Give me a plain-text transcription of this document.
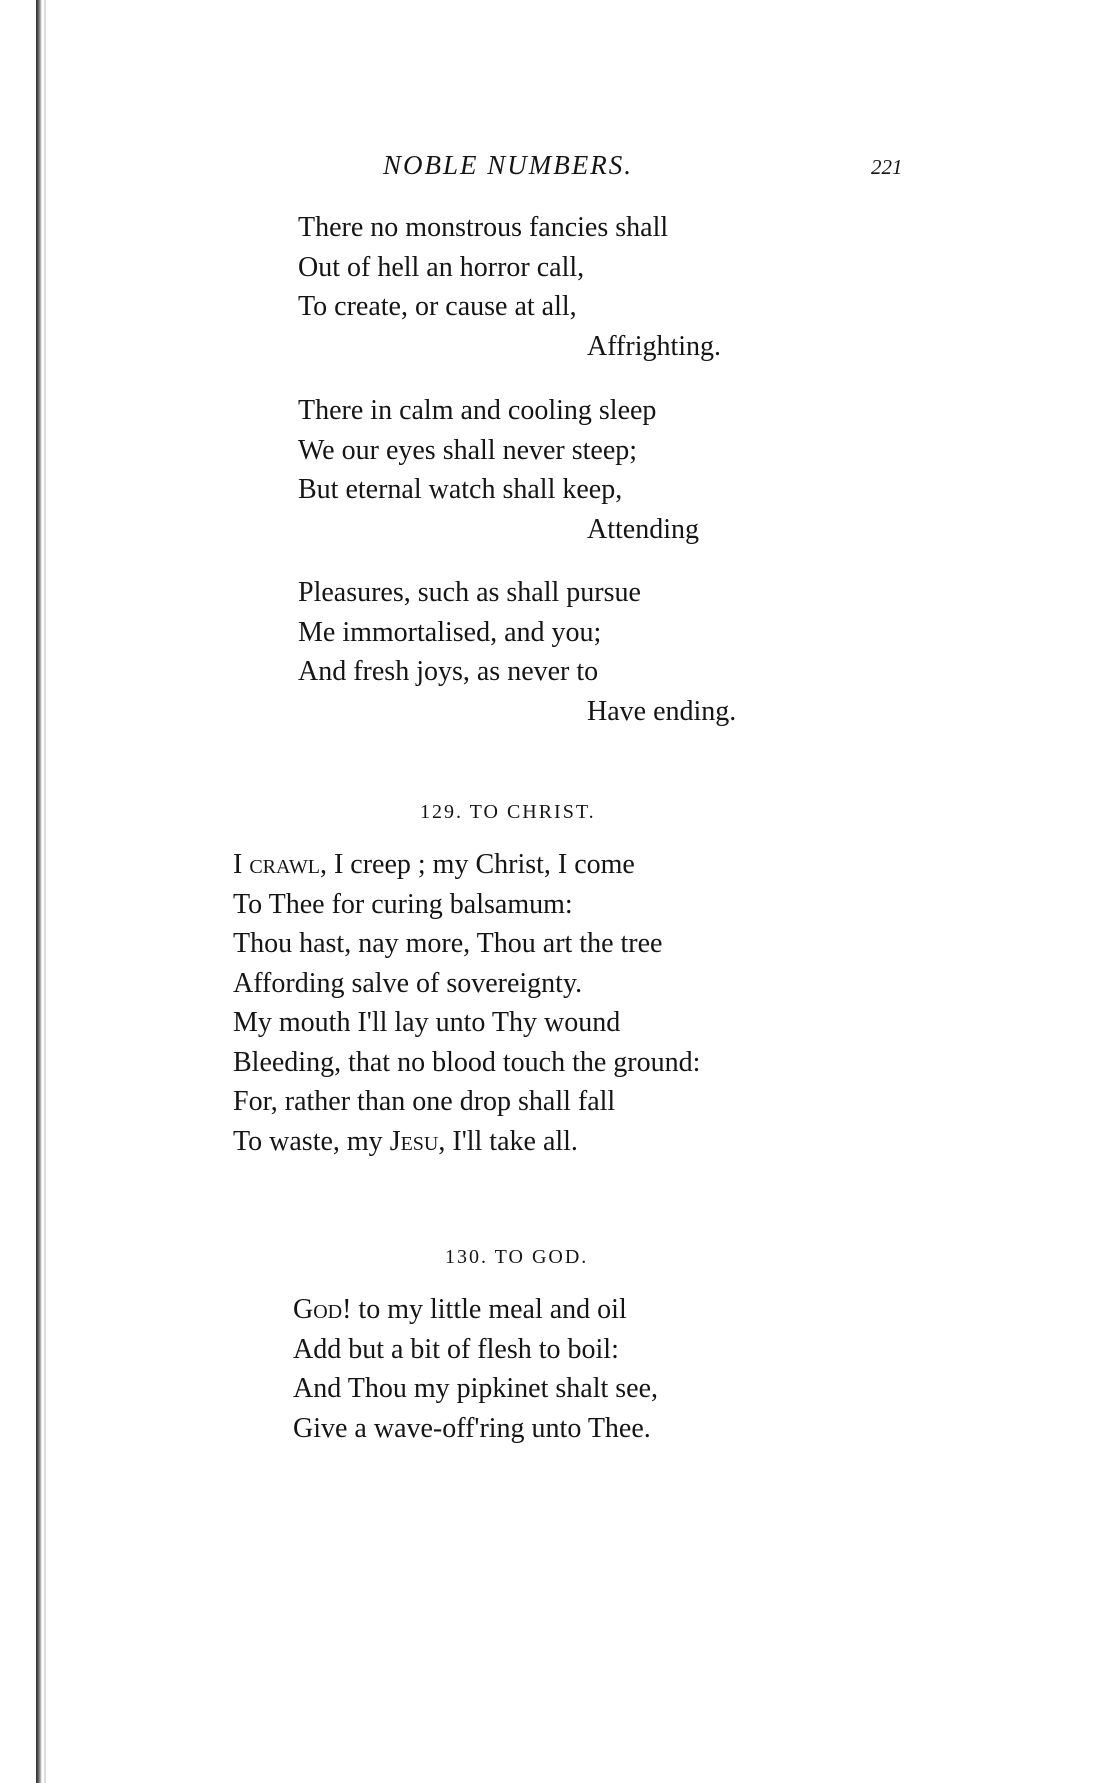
NOBLE NUMBERS.	221
There no monstrous fancies shall
Out of hell an horror call,
To create, or cause at all,
Affrighting.
There in calm and cooling sleep
We our eyes shall never steep;
But eternal watch shall keep,
Attending
Pleasures, such as shall pursue
Me immortalised, and you;
And fresh joys, as never to
Have ending.
129. TO CHRIST.
I crawl, I creep ; my Christ, I come
To Thee for curing balsamum:
Thou hast, nay more, Thou art the tree
Affording salve of sovereignty.
My mouth I'll lay unto Thy wound
Bleeding, that no blood touch the ground:
For, rather than one drop shall fall
To waste, my Jesu, I'll take all.
130. TO GOD.
God! to my little meal and oil
Add but a bit of flesh to boil:
And Thou my pipkinet shalt see,
Give a wave-off'ring unto Thee.
